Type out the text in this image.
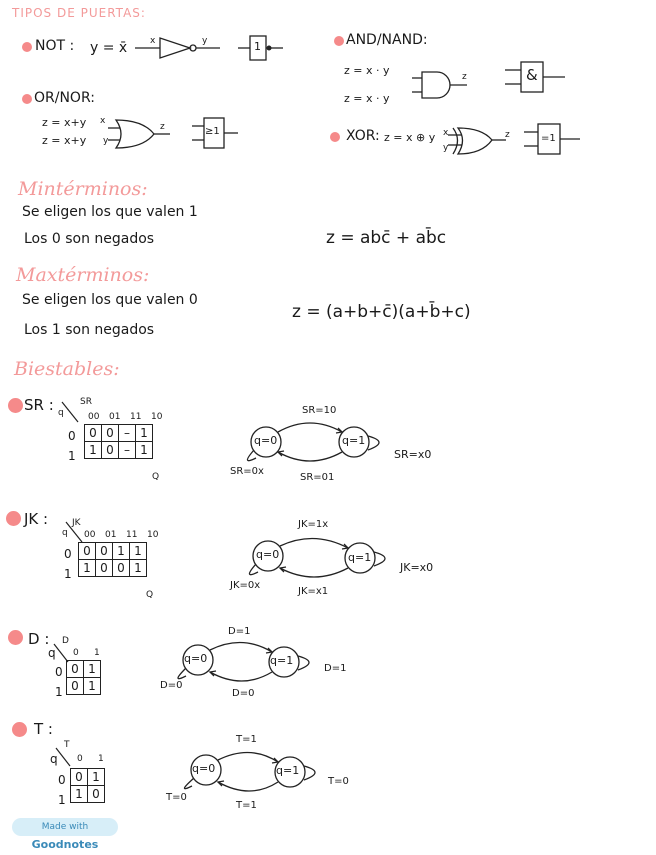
TIPOS DE PUERTAS:
NOT : y = x̄	x	y	1	AND/NAND:
z = x · y
z = x · y
z	&
OR/NOR:
z = x+y
z = x+y
x
y
z	≥1	XOR: z = x ⊕ y x
y
z	=1
Mintérminos:
Se eligen los que valen 1
Los 0 son negados	z = abc̄ + ab̄c
Maxtérminos:
Se eligen los que valen 0
Los 1 son negados
z = (a+b+c̄)(a+b̄+c)
Biestables:
SR :	SR
q	00	01	11	10
0
1
0	0	–	1
1	0	–	1
Q
q=0	q=1
SR=10
SR=01
SR=0x
SR=x0
JK :	JK
q 00	01	11	10
0
1
0	0	1	1
1	0	0	1
Q
q=0	q=1
JK=1x
JK=x1
JK=0x
JK=x0
D : D
q 0	1
0
1
0	1
0	1
q=0	q=1
D=1
D=0
D=0
D=1
T :
T
q 0	1
0
1
0	1
1	0
q=0	q=1
T=1
T=1
T=0
T=0
Made with Goodnotes
